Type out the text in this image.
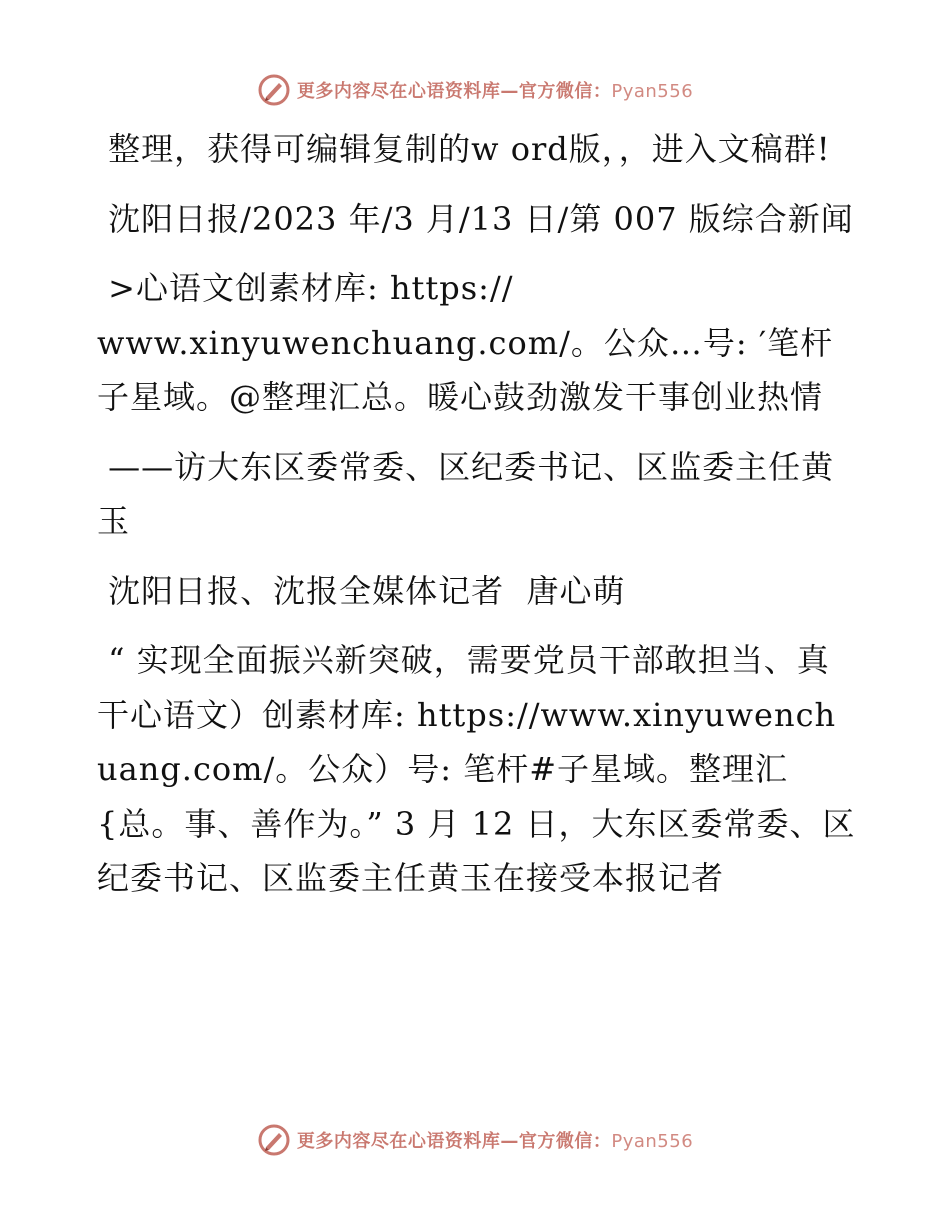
更多内容尽在心语资料库—官方微信：Pyan556

整理，获得可编辑复制的w ord版，，进入文稿群!

沈阳日报/2023 年/3 月/13 日/第 007 版综合新闻

>心语文创素材库: https://
www.xinyuwenchuang.com/。公众…号: ′笔杆子星域。@整理汇总。暖心鼓劲激发干事创业热情

——访大东区委常委、区纪委书记、区监委主任黄玉

沈阳日报、沈报全媒体记者  唐心萌

“ 实现全面振兴新突破，需要党员干部敢担当、真干心语文）创素材库: https://www.xinyuwenchuang.com/。公众）号: 笔杆#子星域。整理汇
{总。事、善作为。” 3 月 12 日，大东区委常委、区纪委书记、区监委主任黄玉在接受本报记者

更多内容尽在心语资料库—官方微信：Pyan556
